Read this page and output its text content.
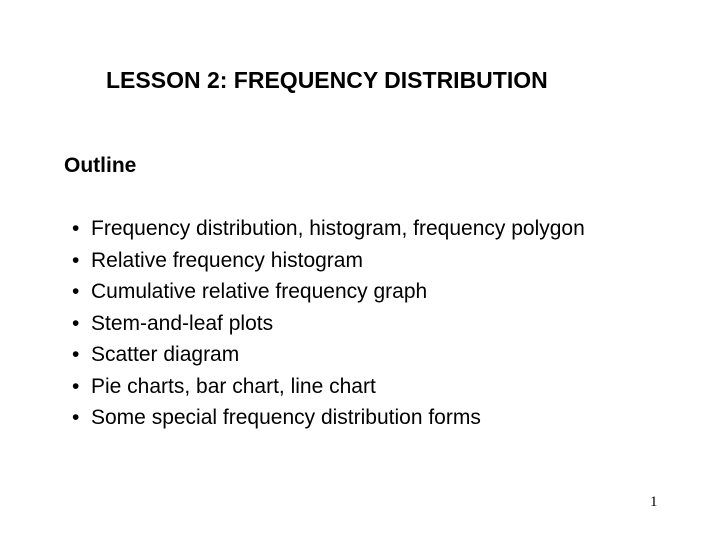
LESSON 2: FREQUENCY DISTRIBUTION
Outline
• Frequency distribution, histogram, frequency polygon
• Relative frequency histogram
• Cumulative relative frequency graph
• Stem-and-leaf plots
• Scatter diagram
• Pie charts, bar chart, line chart
• Some special frequency distribution forms
1
